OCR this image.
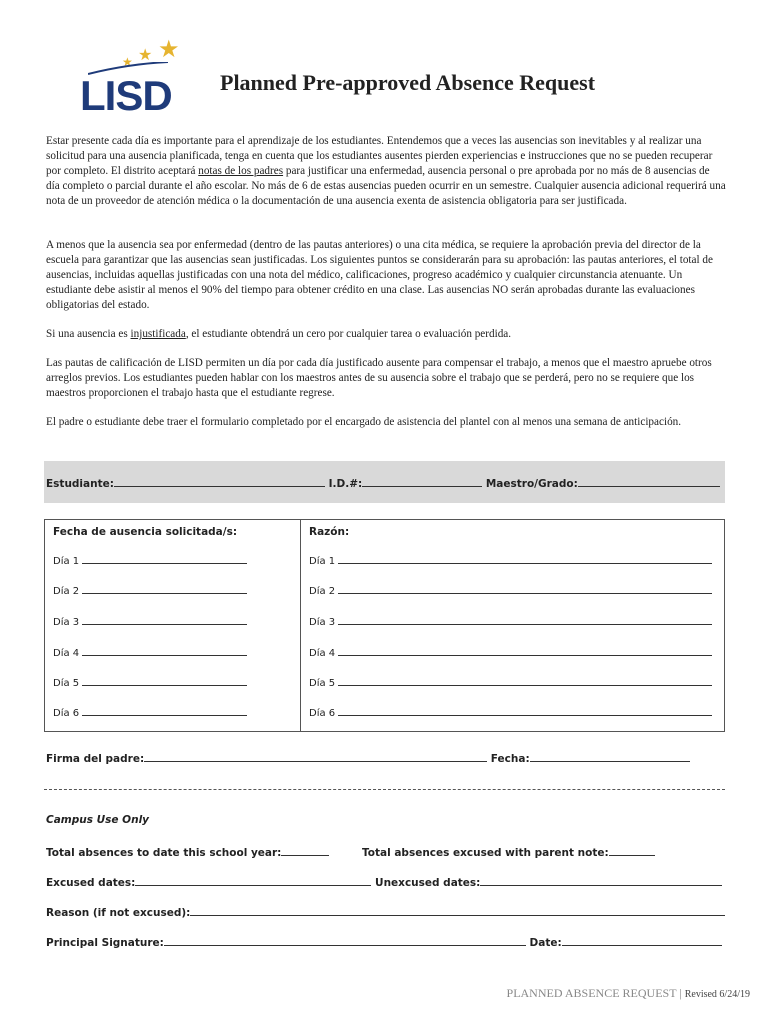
★
★
★
LISD Planned Pre-approved Absence Request

Estar presente cada día es importante para el aprendizaje de los estudiantes. Entendemos que a veces las ausencias son inevitables y al realizar una solicitud para una ausencia planificada, tenga en cuenta que los estudiantes ausentes pierden experiencias e instrucciones que no se pueden recuperar por completo. El distrito aceptará notas de los padres para justificar una enfermedad, ausencia personal o pre aprobada por no más de 8 ausencias de día completo o parcial durante el año escolar. No más de 6 de estas ausencias pueden ocurrir en un semestre. Cualquier ausencia adicional requerirá una nota de un proveedor de atención médica o la documentación de una ausencia exenta de asistencia obligatoria para ser justificada.

A menos que la ausencia sea por enfermedad (dentro de las pautas anteriores) o una cita médica, se requiere la aprobación previa del director de la escuela para garantizar que las ausencias sean justificadas. Los siguientes puntos se considerarán para su aprobación: las pautas anteriores, el total de ausencias, incluidas aquellas justificadas con una nota del médico, calificaciones, progreso académico y cualquier circunstancia atenuante. Un estudiante debe asistir al menos el 90% del tiempo para obtener crédito en una clase. Las ausencias NO serán aprobadas durante las evaluaciones obligatorias del estado.

Si una ausencia es injustificada, el estudiante obtendrá un cero por cualquier tarea o evaluación perdida.

Las pautas de calificación de LISD permiten un día por cada día justificado ausente para compensar el trabajo, a menos que el maestro apruebe otros arreglos previos. Los estudiantes pueden hablar con los maestros antes de su ausencia sobre el trabajo que se perderá, pero no se requiere que los maestros proporcionen el trabajo hasta que el estudiante regrese.

El padre o estudiante debe traer el formulario completado por el encargado de asistencia del plantel con al menos una semana de anticipación.

Estudiante:	I.D.#:	Maestro/Grado:
Fecha de ausencia solicitada/s:	Razón:
Día 1	Día 1
Día 2	Día 2
Día 3	Día 3
Día 4	Día 4
Día 5	Día 5
Día 6	Día 6
Firma del padre:	Fecha:
Campus Use Only
Total absences to date this school year:	Total absences excused with parent note:
Excused dates:	Unexcused dates:
Reason (if not excused):
Principal Signature:	Date:
PLANNED ABSENCE REQUEST | Revised 6/24/19
